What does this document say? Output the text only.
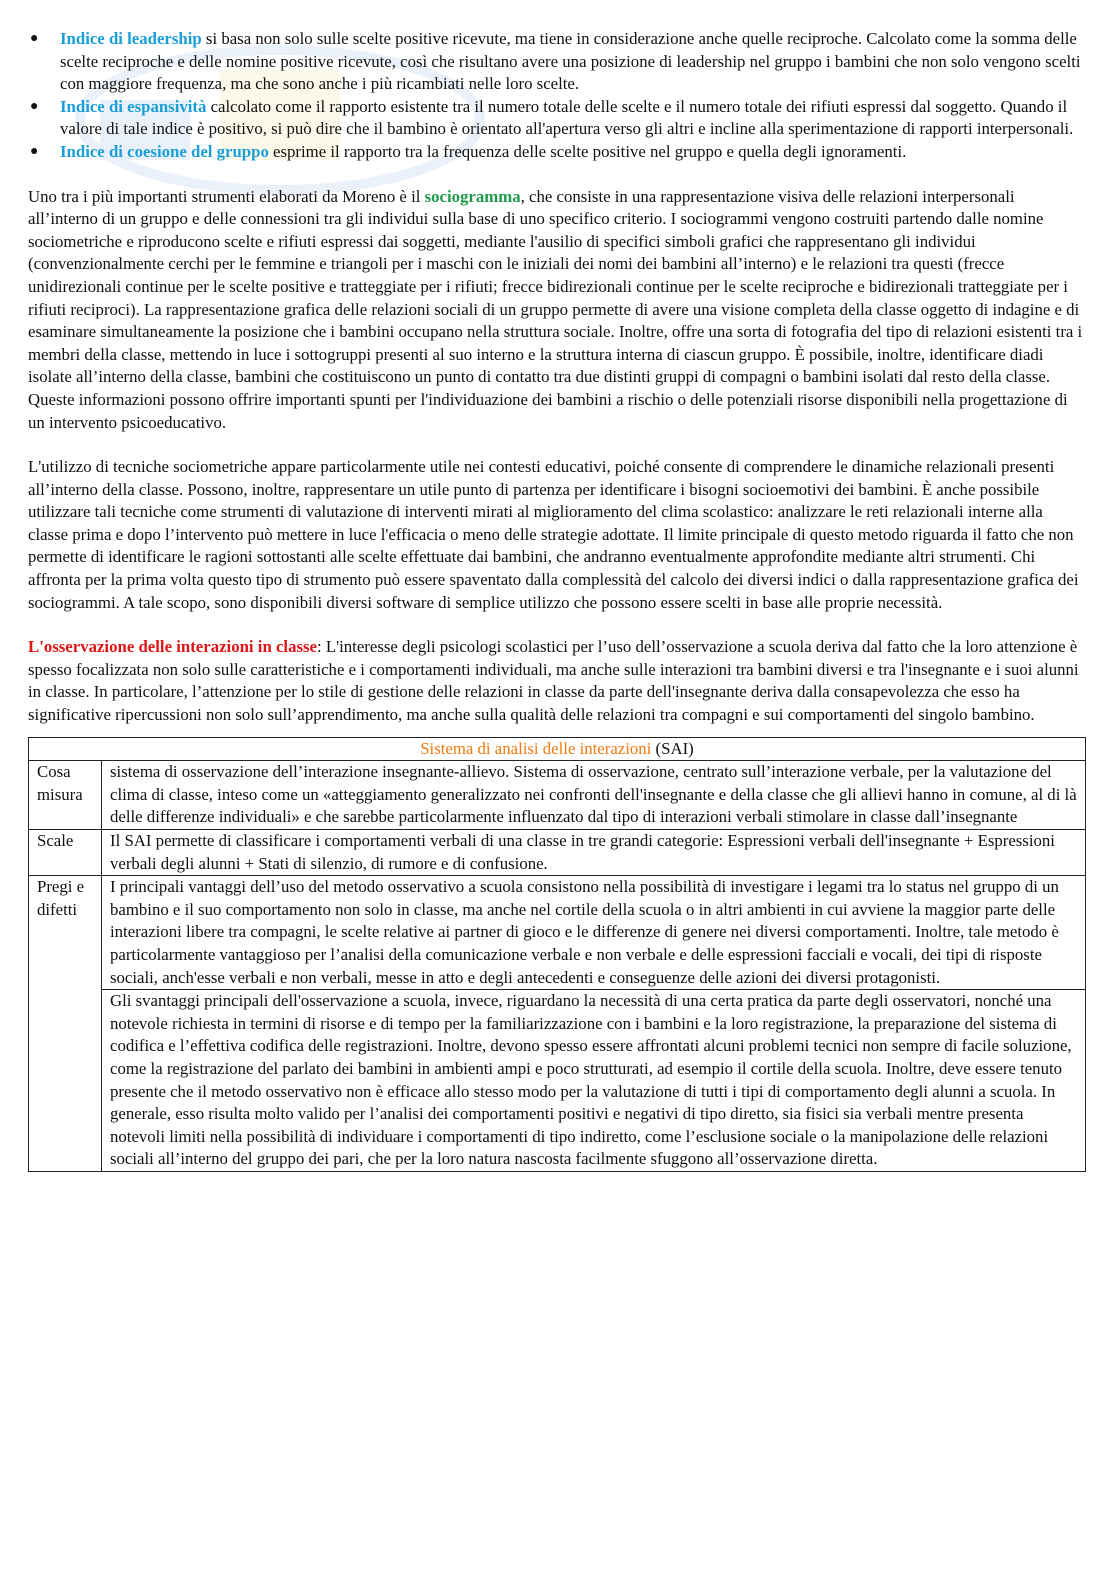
● Indice di leadership si basa non solo sulle scelte positive ricevute, ma tiene in considerazione anche quelle reciproche. Calcolato come la somma delle scelte reciproche e delle nomine positive ricevute, così che risultano avere una posizione di leadership nel gruppo i bambini che non solo vengono scelti con maggiore frequenza, ma che sono anche i più ricambiati nelle loro scelte.
● Indice di espansività calcolato come il rapporto esistente tra il numero totale delle scelte e il numero totale dei rifiuti espressi dal soggetto. Quando il valore di tale indice è positivo, si può dire che il bambino è orientato all'apertura verso gli altri e incline alla sperimentazione di rapporti interpersonali.
● Indice di coesione del gruppo esprime il rapporto tra la frequenza delle scelte positive nel gruppo e quella degli ignoramenti.

Uno tra i più importanti strumenti elaborati da Moreno è il sociogramma, che consiste in una rappresentazione visiva delle relazioni interpersonali all’interno di un gruppo e delle connessioni tra gli individui sulla base di uno specifico criterio. I sociogrammi vengono costruiti partendo dalle nomine sociometriche e riproducono scelte e rifiuti espressi dai soggetti, mediante l'ausilio di specifici simboli grafici che rappresentano gli individui (convenzionalmente cerchi per le femmine e triangoli per i maschi con le iniziali dei nomi dei bambini all’interno) e le relazioni tra questi (frecce unidirezionali continue per le scelte positive e tratteggiate per i rifiuti; frecce bidirezionali continue per le scelte reciproche e bidirezionali tratteggiate per i rifiuti reciproci). La rappresentazione grafica delle relazioni sociali di un gruppo permette di avere una visione completa della classe oggetto di indagine e di esaminare simultaneamente la posizione che i bambini occupano nella struttura sociale. Inoltre, offre una sorta di fotografia del tipo di relazioni esistenti tra i membri della classe, mettendo in luce i sottogruppi presenti al suo interno e la struttura interna di ciascun gruppo. È possibile, inoltre, identificare diadi isolate all’interno della classe, bambini che costituiscono un punto di contatto tra due distinti gruppi di compagni o bambini isolati dal resto della classe. Queste informazioni possono offrire importanti spunti per l'individuazione dei bambini a rischio o delle potenziali risorse disponibili nella progettazione di un intervento psicoeducativo.

L'utilizzo di tecniche sociometriche appare particolarmente utile nei contesti educativi, poiché consente di comprendere le dinamiche relazionali presenti all’interno della classe. Possono, inoltre, rappresentare un utile punto di partenza per identificare i bisogni socioemotivi dei bambini. È anche possibile utilizzare tali tecniche come strumenti di valutazione di interventi mirati al miglioramento del clima scolastico: analizzare le reti relazionali interne alla classe prima e dopo l’intervento può mettere in luce l'efficacia o meno delle strategie adottate. Il limite principale di questo metodo riguarda il fatto che non permette di identificare le ragioni sottostanti alle scelte effettuate dai bambini, che andranno eventualmente approfondite mediante altri strumenti. Chi affronta per la prima volta questo tipo di strumento può essere spaventato dalla complessità del calcolo dei diversi indici o dalla rappresentazione grafica dei sociogrammi. A tale scopo, sono disponibili diversi software di semplice utilizzo che possono essere scelti in base alle proprie necessità.

L'osservazione delle interazioni in classe: L'interesse degli psicologi scolastici per l’uso dell’osservazione a scuola deriva dal fatto che la loro attenzione è spesso focalizzata non solo sulle caratteristiche e i comportamenti individuali, ma anche sulle interazioni tra bambini diversi e tra l'insegnante e i suoi alunni in classe. In particolare, l’attenzione per lo stile di gestione delle relazioni in classe da parte dell'insegnante deriva dalla consapevolezza che esso ha significative ripercussioni non solo sull’apprendimento, ma anche sulla qualità delle relazioni tra compagni e sui comportamenti del singolo bambino.

Sistema di analisi delle interazioni (SAI)	
Cosa misura	sistema di osservazione dell’interazione insegnante-allievo. Sistema di osservazione, centrato sull’interazione verbale, per la valutazione del clima di classe, inteso come un «atteggiamento generalizzato nei confronti dell'insegnante e della classe che gli allievi hanno in comune, al di là delle differenze individuali» e che sarebbe particolarmente influenzato dal tipo di interazioni verbali stimolare in classe dall’insegnante
Scale	Il SAI permette di classificare i comportamenti verbali di una classe in tre grandi categorie: Espressioni verbali dell'insegnante + Espressioni verbali degli alunni + Stati di silenzio, di rumore e di confusione.
Pregi e difetti	I principali vantaggi dell’uso del metodo osservativo a scuola consistono nella possibilità di investigare i legami tra lo status nel gruppo di un bambino e il suo comportamento non solo in classe, ma anche nel cortile della scuola o in altri ambienti in cui avviene la maggior parte delle interazioni libere tra compagni, le scelte relative ai partner di gioco e le differenze di genere nei diversi comportamenti. Inoltre, tale metodo è particolarmente vantaggioso per l’analisi della comunicazione verbale e non verbale e delle espressioni facciali e vocali, dei tipi di risposte sociali, anch'esse verbali e non verbali, messe in atto e degli antecedenti e conseguenze delle azioni dei diversi protagonisti.
	Gli svantaggi principali dell'osservazione a scuola, invece, riguardano la necessità di una certa pratica da parte degli osservatori, nonché una notevole richiesta in termini di risorse e di tempo per la familiarizzazione con i bambini e la loro registrazione, la preparazione del sistema di codifica e l’effettiva codifica delle registrazioni. Inoltre, devono spesso essere affrontati alcuni problemi tecnici non sempre di facile soluzione, come la registrazione del parlato dei bambini in ambienti ampi e poco strutturati, ad esempio il cortile della scuola. Inoltre, deve essere tenuto presente che il metodo osservativo non è efficace allo stesso modo per la valutazione di tutti i tipi di comportamento degli alunni a scuola. In generale, esso risulta molto valido per l’analisi dei comportamenti positivi e negativi di tipo diretto, sia fisici sia verbali mentre presenta notevoli limiti nella possibilità di individuare i comportamenti di tipo indiretto, come l’esclusione sociale o la manipolazione delle relazioni sociali all’interno del gruppo dei pari, che per la loro natura nascosta facilmente sfuggono all’osservazione diretta.
